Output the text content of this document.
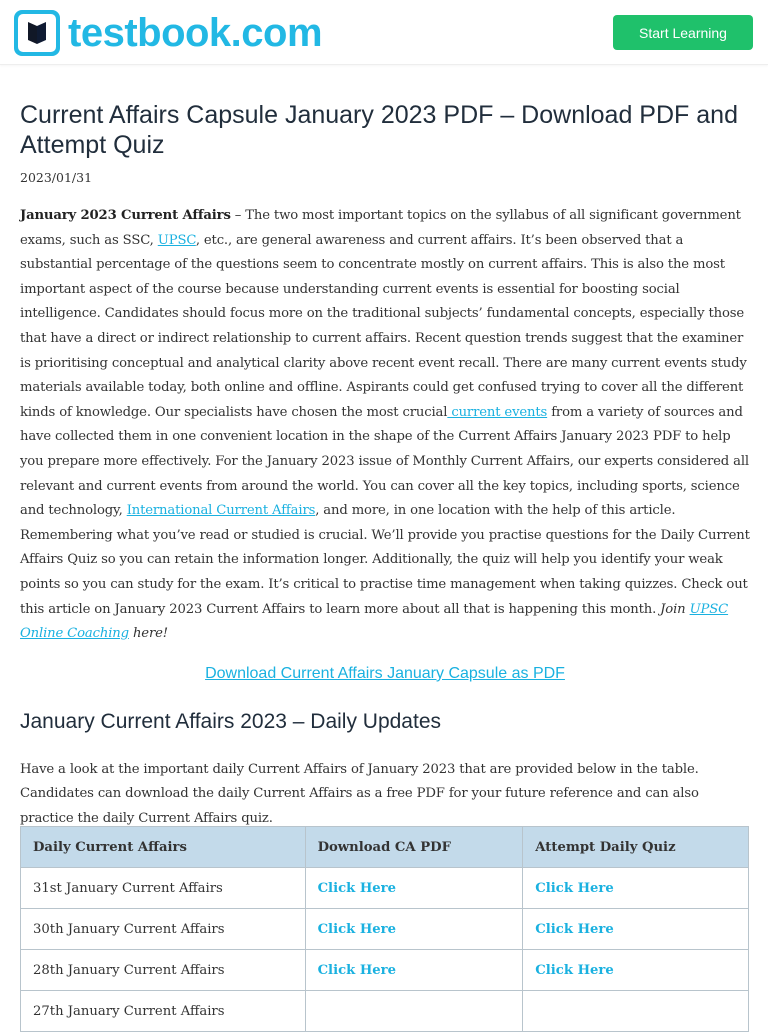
testbook.com	Start Learning
Current Affairs Capsule January 2023 PDF – Download PDF and Attempt Quiz
2023/01/31

January 2023 Current Affairs – The two most important topics on the syllabus of all significant government exams, such as SSC, UPSC, etc., are general awareness and current affairs. It’s been observed that a substantial percentage of the questions seem to concentrate mostly on current affairs. This is also the most important aspect of the course because understanding current events is essential for boosting social intelligence. Candidates should focus more on the traditional subjects’ fundamental concepts, especially those that have a direct or indirect relationship to current affairs. Recent question trends suggest that the examiner is prioritising conceptual and analytical clarity above recent event recall. There are many current events study materials available today, both online and offline. Aspirants could get confused trying to cover all the different kinds of knowledge. Our specialists have chosen the most crucial current events from a variety of sources and have collected them in one convenient location in the shape of the Current Affairs January 2023 PDF to help you prepare more effectively. For the January 2023 issue of Monthly Current Affairs, our experts considered all relevant and current events from around the world. You can cover all the key topics, including sports, science and technology, International Current Affairs, and more, in one location with the help of this article. Remembering what you’ve read or studied is crucial. We’ll provide you practise questions for the Daily Current Affairs Quiz so you can retain the information longer. Additionally, the quiz will help you identify your weak points so you can study for the exam. It’s critical to practise time management when taking quizzes. Check out this article on January 2023 Current Affairs to learn more about all that is happening this month. Join UPSC Online Coaching here!

Download Current Affairs January Capsule as PDF
January Current Affairs 2023 – Daily Updates

Have a look at the important daily Current Affairs of January 2023 that are provided below in the table. Candidates can download the daily Current Affairs as a free PDF for your future reference and can also practice the daily Current Affairs quiz.

Daily Current Affairs	Download CA PDF	Attempt Daily Quiz
31st January Current Affairs	Click Here	Click Here
30th January Current Affairs	Click Here	Click Here
28th January Current Affairs	Click Here	Click Here
27th January Current Affairs		
